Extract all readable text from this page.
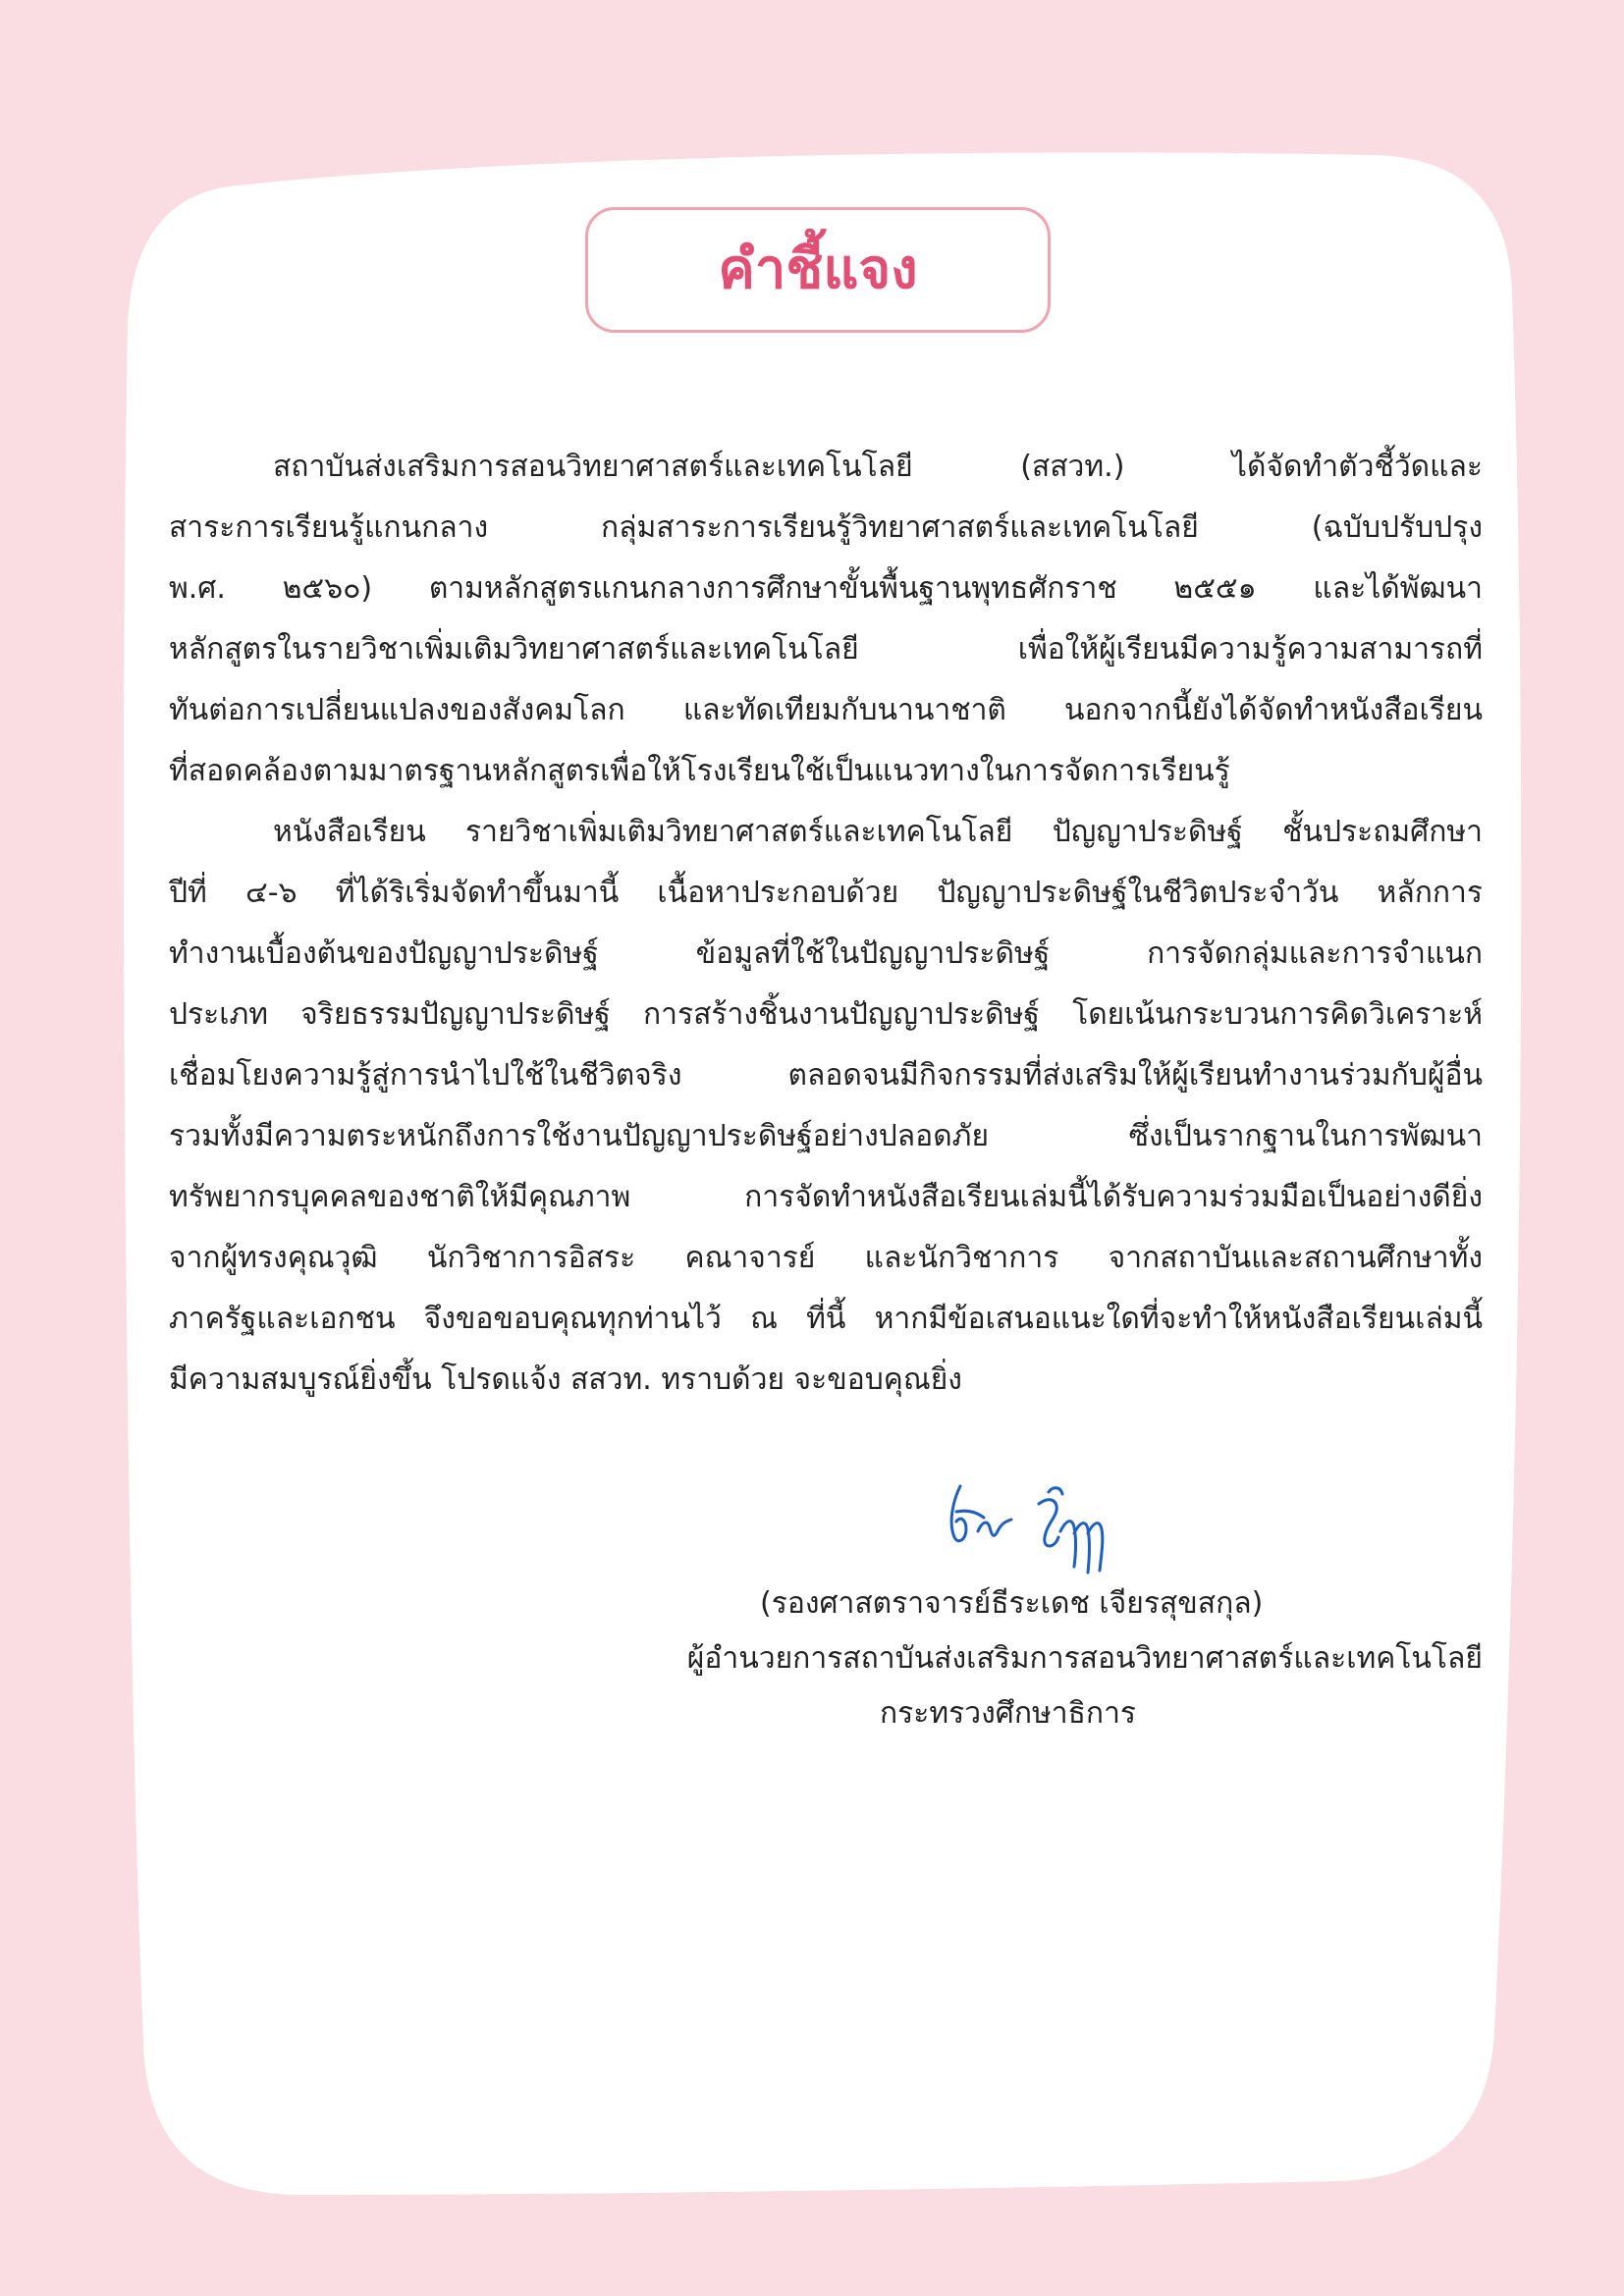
คำชี้แจง
สถาบันส่งเสริมการสอนวิทยาศาสตร์และเทคโนโลยี (สสวท.) ได้จัดทำตัวชี้วัดและ
สาระการเรียนรู้แกนกลาง กลุ่มสาระการเรียนรู้วิทยาศาสตร์และเทคโนโลยี (ฉบับปรับปรุง
พ.ศ. ๒๕๖๐) ตามหลักสูตรแกนกลางการศึกษาขั้นพื้นฐานพุทธศักราช ๒๕๕๑ และได้พัฒนา
หลักสูตรในรายวิชาเพิ่มเติมวิทยาศาสตร์และเทคโนโลยี เพื่อให้ผู้เรียนมีความรู้ความสามารถที่
ทันต่อการเปลี่ยนแปลงของสังคมโลก และทัดเทียมกับนานาชาติ นอกจากนี้ยังได้จัดทำหนังสือเรียน
ที่สอดคล้องตามมาตรฐานหลักสูตรเพื่อให้โรงเรียนใช้เป็นแนวทางในการจัดการเรียนรู้
หนังสือเรียน รายวิชาเพิ่มเติมวิทยาศาสตร์และเทคโนโลยี ปัญญาประดิษฐ์ ชั้นประถมศึกษา
ปีที่ ๔-๖ ที่ได้ริเริ่มจัดทำขึ้นมานี้ เนื้อหาประกอบด้วย ปัญญาประดิษฐ์ในชีวิตประจำวัน หลักการ
ทำงานเบื้องต้นของปัญญาประดิษฐ์ ข้อมูลที่ใช้ในปัญญาประดิษฐ์ การจัดกลุ่มและการจำแนก
ประเภท จริยธรรมปัญญาประดิษฐ์ การสร้างชิ้นงานปัญญาประดิษฐ์ โดยเน้นกระบวนการคิดวิเคราะห์
เชื่อมโยงความรู้สู่การนำไปใช้ในชีวิตจริง ตลอดจนมีกิจกรรมที่ส่งเสริมให้ผู้เรียนทำงานร่วมกับผู้อื่น
รวมทั้งมีความตระหนักถึงการใช้งานปัญญาประดิษฐ์อย่างปลอดภัย ซึ่งเป็นรากฐานในการพัฒนา
ทรัพยากรบุคคลของชาติให้มีคุณภาพ การจัดทำหนังสือเรียนเล่มนี้ได้รับความร่วมมือเป็นอย่างดียิ่ง
จากผู้ทรงคุณวุฒิ นักวิชาการอิสระ คณาจารย์ และนักวิชาการ จากสถาบันและสถานศึกษาทั้ง
ภาครัฐและเอกชน จึงขอขอบคุณทุกท่านไว้ ณ ที่นี้ หากมีข้อเสนอแนะใดที่จะทำให้หนังสือเรียนเล่มนี้
มีความสมบูรณ์ยิ่งขึ้น โปรดแจ้ง สสวท. ทราบด้วย จะขอบคุณยิ่ง
(รองศาสตราจารย์ธีระเดช เจียรสุขสกุล)
ผู้อำนวยการสถาบันส่งเสริมการสอนวิทยาศาสตร์และเทคโนโลยี
กระทรวงศึกษาธิการ
